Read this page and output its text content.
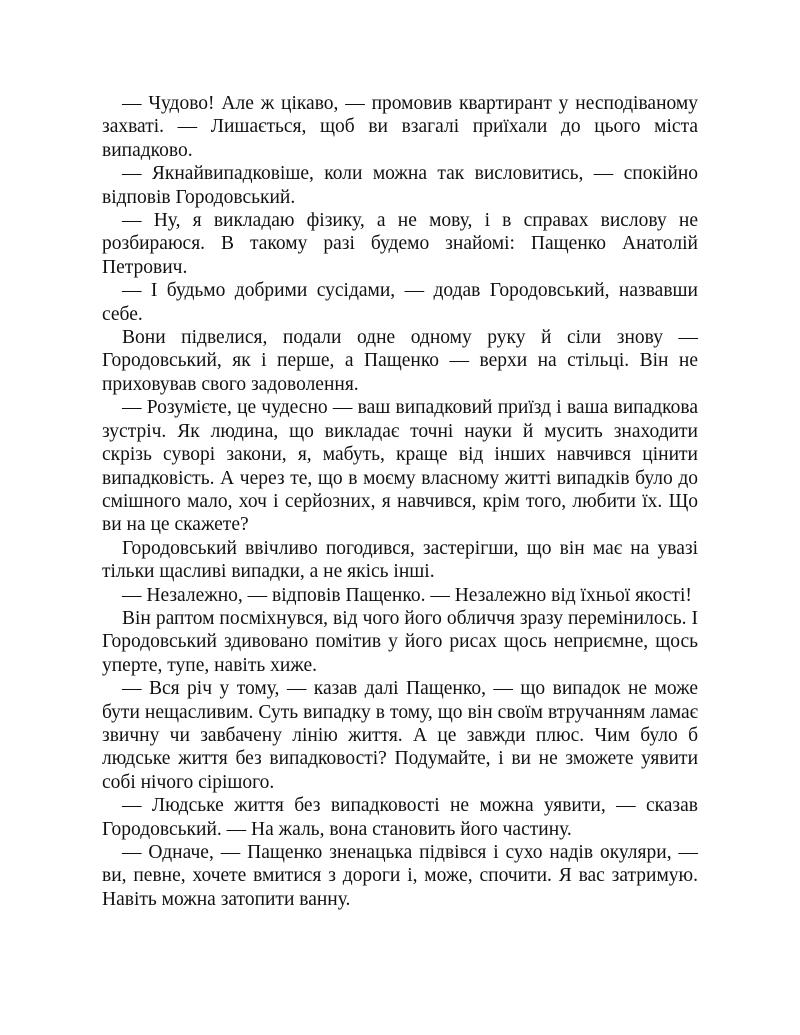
— Чудово! Але ж цікаво, — промовив квартирант у несподіваному захваті. — Лишається, щоб ви взагалі приїхали до цього міста випадково.

— Якнайвипадковіше, коли можна так висловитись, — спокійно відповів Городовський.

— Ну, я викладаю фізику, а не мову, і в справах вислову не розбираюся. В такому разі будемо знайомі: Пащенко Анатолій Петрович.

— І будьмо добрими сусідами, — додав Городовський, назвавши себе.

Вони підвелися, подали одне одному руку й сіли знову — Городовський, як і перше, а Пащенко — верхи на стільці. Він не приховував свого задоволення.

— Розумієте, це чудесно — ваш випадковий приїзд і ваша випадкова зустріч. Як людина, що викладає точні науки й мусить знаходити скрізь суворі закони, я, мабуть, краще від інших навчився цінити випадковість. А через те, що в моєму власному житті випадків було до смішного мало, хоч і серйозних, я навчився, крім того, любити їх. Що ви на це скажете?

Городовський ввічливо погодився, застерігши, що він має на увазі тільки щасливі випадки, а не якісь інші.

— Незалежно, — відповів Пащенко. — Незалежно від їхньої якості!

Він раптом посміхнувся, від чого його обличчя зразу перемінилось. І Городовський здивовано помітив у його рисах щось неприємне, щось уперте, тупе, навіть хиже.

— Вся річ у тому, — казав далі Пащенко, — що випадок не може бути нещасливим. Суть випадку в тому, що він своїм втручанням ламає звичну чи завбачену лінію життя. А це завжди плюс. Чим було б людське життя без випадковості? Подумайте, і ви не зможете уявити собі нічого сірішого.

— Людське життя без випадковості не можна уявити, — сказав Городовський. — На жаль, вона становить його частину.

— Одначе, — Пащенко зненацька підвівся і сухо надів окуляри, — ви, певне, хочете вмитися з дороги і, може, спочити. Я вас затримую. Навіть можна затопити ванну.
